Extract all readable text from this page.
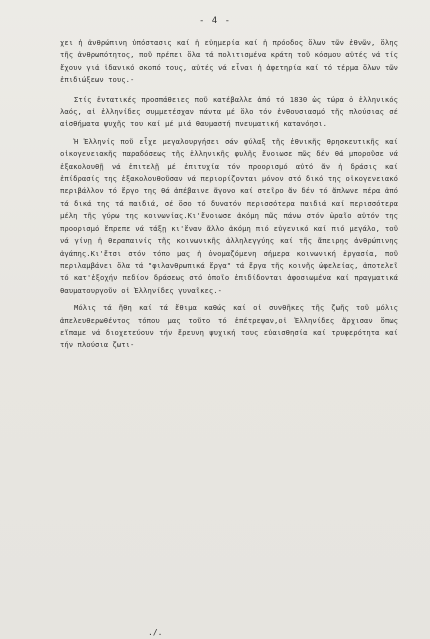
- 4 -

χει ἡ ἀνθρώπινη ὑπόστασις καί ἡ εὐημερία καί ἡ πρόοδος ὅλων τῶν ἐθνῶν, ὅλης τῆς ἀνθρωπότητος, ποῦ πρέπει ὅλα τά πολιτισμένα κράτη τοῦ κόσμου αὐτές νά τίς ἔχουν γιά ἰδανικό σκοπό τους, αὐτές νά εἶναι ἡ ἀφετηρία καί τό τέρμα ὅλων τῶν ἐπιδιώξεων τους.-

Στίς ἐντατικές προσπάθειες ποῦ κατέβαλλε ἀπό τό 1830 ὡς τώρα ὁ ἑλληνικός λαός, αἱ ἑλληνίδες συμμετέσχαν πάντα μέ ὅλο τόν ἐνθουσιασμό τῆς πλούσιας σέ αἰσθήματα ψυχῆς του καί μέ μιά θαυμαστή πνευματική κατανόησι.

Ἡ Ἑλληνίς ποῦ εἶχε μεγαλουργήσει σάν φύλαξ τῆς ἐθνικῆς θρησκευτικῆς καί οἰκογενειακῆς παραδόσεως τῆς ἑλληνικῆς φυλῆς ἔνοιωσε πῶς δέν θά μποροῦσε νά ἐξακολουθῇ νά ἐπιτελῇ μέ ἐπιτυχία τόν προορισμό αὐτό ἄν ἡ δράσις καί ἐπίδρασίς της ἐξακολουθοῦσαν νά περιορίζονται μόνον στό δικό της οἰκογενειακό περιβάλλον τό ἔργο της θά ἀπέβαινε ἄγονο καί στεῖρο ἄν δέν τό ἅπλωνε πέρα ἀπό τά δικά της τά παιδιά, σέ ὅσο τό δυνατόν περισσότερα παιδιά καί περισσότερα μέλη τῆς γύρω της κοινωνίας.Κι'ἔνοιωσε ἀκόμη πῶς πάνω στόν ὡραῖο αὐτόν της προορισμό ἔπρεπε νά τάξῃ κι'ἕναν ἄλλο ἀκόμη πιό εὐγενικό καί πιό μεγάλο, τοῦ νά γίνῃ ἡ θεραπαινίς τῆς κοινωνικῆς ἀλληλεγγύης καί τῆς ἄπειρης ἀνθρώπινης ἀγάπης.Κι'ἔτσι στόν τόπο μας ἡ ὀνομαζόμενη σήμερα κοινωνική ἐργασία, ποῦ περιλαμβάνει ὅλα τά "φιλανθρωπικά ἔργα" τά ἔργα τῆς κοινῆς ὠφελείας, ἀποτελεῖ τό κατ'ἐξοχήν πεδίον δράσεως στό ὁποῖο ἐπιδίδονται ἀφοσιωμένα καί πραγματικά θαυματουργοῦν οἱ Ἑλληνίδες γυναῖκες.-

Μόλις τά ἤθη καί τά ἔθιμα καθώς καί οἱ συνθῆκες τῆς ζωῆς τοῦ μόλις ἀπελευθερωθέντος τόπου μας τοῦτο τό ἐπέτρεψαν,οἱ Ἑλληνίδες ἄρχισαν ὅπως εἴπαμε νά διοχετεύουν τήν ἔρευνη ψυχική τους εὐαισθησία καί τρυφερότητα καί τήν πλούσια ζωτι-

./.
